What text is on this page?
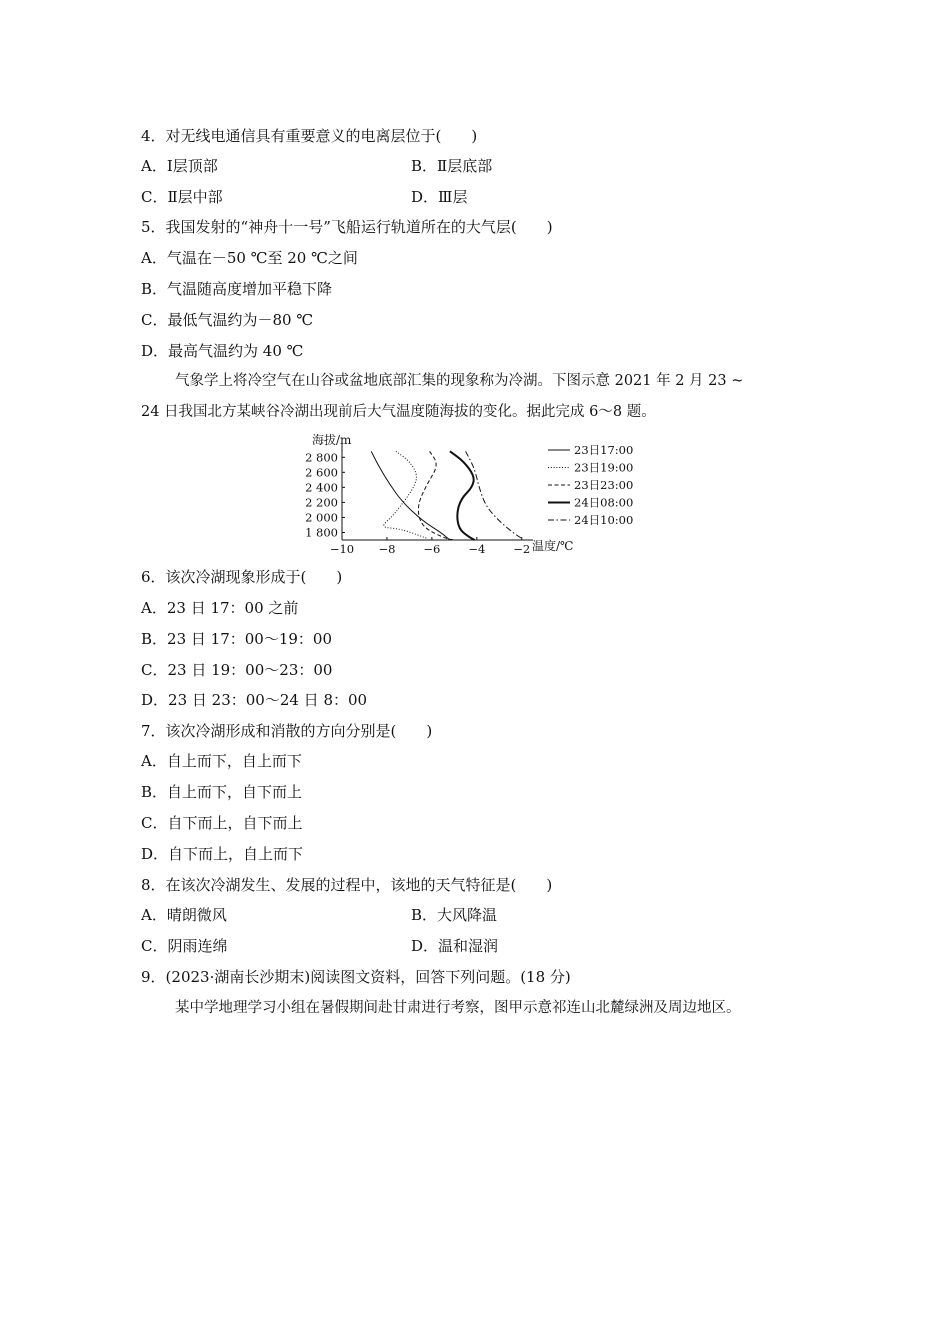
4．对无线电通信具有重要意义的电离层位于(　　)
A．Ⅰ层顶部	B．Ⅱ层底部
C．Ⅱ层中部	D．Ⅲ层
5．我国发射的“神舟十一号”飞船运行轨道所在的大气层(　　)
A．气温在－50 ℃至 20 ℃之间
B．气温随高度增加平稳下降
C．最低气温约为－80 ℃
D．最高气温约为 40 ℃
气象学上将冷空气在山谷或盆地底部汇集的现象称为冷湖。下图示意 2021 年 2 月 23 ~
24 日我国北方某峡谷冷湖出现前后大气温度随海拔的变化。据此完成 6～8 题。
海拔/m
温度/℃
−10 −8 −6 −4 −2
2 800
2 600
2 400
2 200
2 000
1 800
23日17:00
23日19:00
23日23:00
24日08:00
24日10:00
6．该次冷湖现象形成于(　　)
A．23 日 17：00 之前
B．23 日 17：00～19：00
C．23 日 19：00～23：00
D．23 日 23：00～24 日 8：00
7．该次冷湖形成和消散的方向分别是(　　)
A．自上而下，自上而下
B．自上而下，自下而上
C．自下而上，自下而上
D．自下而上，自上而下
8．在该次冷湖发生、发展的过程中，该地的天气特征是(　　)
A．晴朗微风	B．大风降温
C．阴雨连绵	D．温和湿润
9．(2023·湖南长沙期末)阅读图文资料，回答下列问题。(18 分)
某中学地理学习小组在暑假期间赴甘肃进行考察，图甲示意祁连山北麓绿洲及周边地区。
